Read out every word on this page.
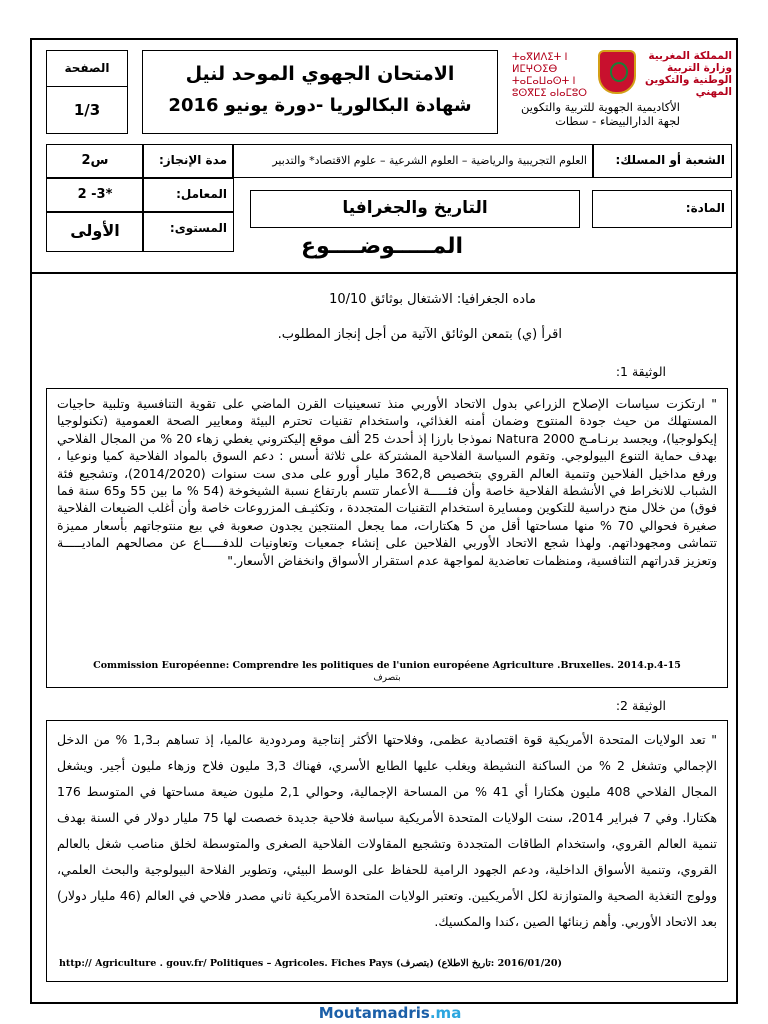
الصفحة
1/3
الامتحان الجهوي الموحد لنيل
شهادة البكالوريا -دورة يونيو 2016
ⵜⴰⴳⵍⴷⵉⵜ ⵏ ⵍⵎⵖⵔⵉⴱ ⵜⴰⵎⴰⵡⴰⵙⵜ ⵏ ⵓⵙⴳⵎⵉ ⴰⵏⴰⵎⵓⵔ
المملكة المغربية وزارة التربية الوطنية والتكوين المهني
الأكاديمية الجهوية للتربية والتكوين
لجهة الدارالبيضاء - سطات
الشعبة أو المسلك:
العلوم التجريبية والرياضية – العلوم الشرعية – علوم الاقتصاد* والتدبير
مدة الإنجاز:
2س
المعامل:
2 -3*
المستوى:
الأولى
المادة:
التاريخ والجغرافيا
المـــــوضــــوع
ماده الجغرافيا: الاشتغال بوثائق 10/10
اقرأ (ي) بتمعن الوثائق الآتية من أجل إنجاز المطلوب.
الوثيقة 1:
" ارتكزت سياسات الإصلاح الزراعي بدول الاتحاد الأوربي منذ تسعينيات القرن الماضي على تقوية التنافسية وتلبية حاجيات المستهلك من حيث جودة المنتوج وضمان أمنه الغذائي، واستخدام تقنيات تحترم البيئة ومعايير الصحة العمومية (تكنولوجيا إيكولوجيا)، ويجسد برنـامـج Natura 2000 نموذجا بارزا إذ أحدث 25 ألف موقع إليكتروني يغطي زهاء 20 % من المجال الفلاحي بهدف حماية التنوع البيولوجي. وتقوم السياسة الفلاحية المشتركة على ثلاثة أسس : دعم السوق بالمواد الفلاحية كميا ونوعيا ، ورفع مداخيل الفلاحين وتنمية العالم القروي بتخصيص 362,8 مليار أورو على مدى ست سنوات (2014/2020)، وتشجيع فئة الشباب للانخراط في الأنشطة الفلاحية خاصة وأن فئـــــة الأعمار تتسم بارتفاع نسبة الشيخوخة (54 % ما بين 55 و65 سنة فما فوق) من خلال منح دراسية للتكوين ومسايرة استخدام التقنيات المتجددة ، وتكثيـف المزروعات خاصة وأن أغلب الضيعات الفلاحية صغيرة فحوالي 70 % منها مساحتها أقل من 5 هكتارات، مما يجعل المنتجين يجدون صعوبة في بيع منتوجاتهم بأسعار مميزة تتماشى ومجهوداتهم. ولهذا شجع الاتحاد الأوربي الفلاحين على إنشاء جمعيات وتعاونيات للدفـــــاع عن مصالحهم الماديـــــة وتعزيز قدراتهم التنافسية، ومنظمات تعاضدية لمواجهة عدم استقرار الأسواق وانخفاض الأسعار."
Commission Européenne: Comprendre les politiques de l'union européene Agriculture .Bruxelles. 2014.p.4-15
بتصرف
الوثيقة 2:
" تعد الولايات المتحدة الأمريكية قوة اقتصادية عظمى، وفلاحتها الأكثر إنتاجية ومردودية عالميا، إذ تساهم بـ1,3 % من الدخل الإجمالي وتشغل 2 % من الساكنة النشيطة ويغلب عليها الطابع الأسري، فهناك 3,3 مليون فلاح وزهاء مليون أجير. ويشغل المجال الفلاحي 408 مليون هكتارا أي 41 % من المساحة الإجمالية، وحوالي 2,1 مليون ضيعة مساحتها في المتوسط 176 هكتارا. وفي 7 فبراير 2014، سنت الولايات المتحدة الأمريكية سياسة فلاحية جديدة خصصت لها 75 مليار دولار في السنة بهدف تنمية العالم القروي، واستخدام الطاقات المتجددة وتشجيع المقاولات الفلاحية الصغرى والمتوسطة لخلق مناصب شغل بالعالم القروي، وتنمية الأسواق الداخلية، ودعم الجهود الرامية للحفاظ على الوسط البيئي، وتطوير الفلاحة البيولوجية والبحث العلمي، وولوج التغذية الصحية والمتوازنة لكل الأمريكيين. وتعتبر الولايات المتحدة الأمريكية ثاني مصدر فلاحي في العالم (46 مليار دولار) بعد الاتحاد الأوربي. وأهم زبنائها الصين ،كندا والمكسيك.
http:// Agriculture . gouv.fr/ Politiques – Agricoles. Fiches Pays (بتصرف) (2016/01/20 :تاريخ الاطلاع)
Moutamadris.ma
